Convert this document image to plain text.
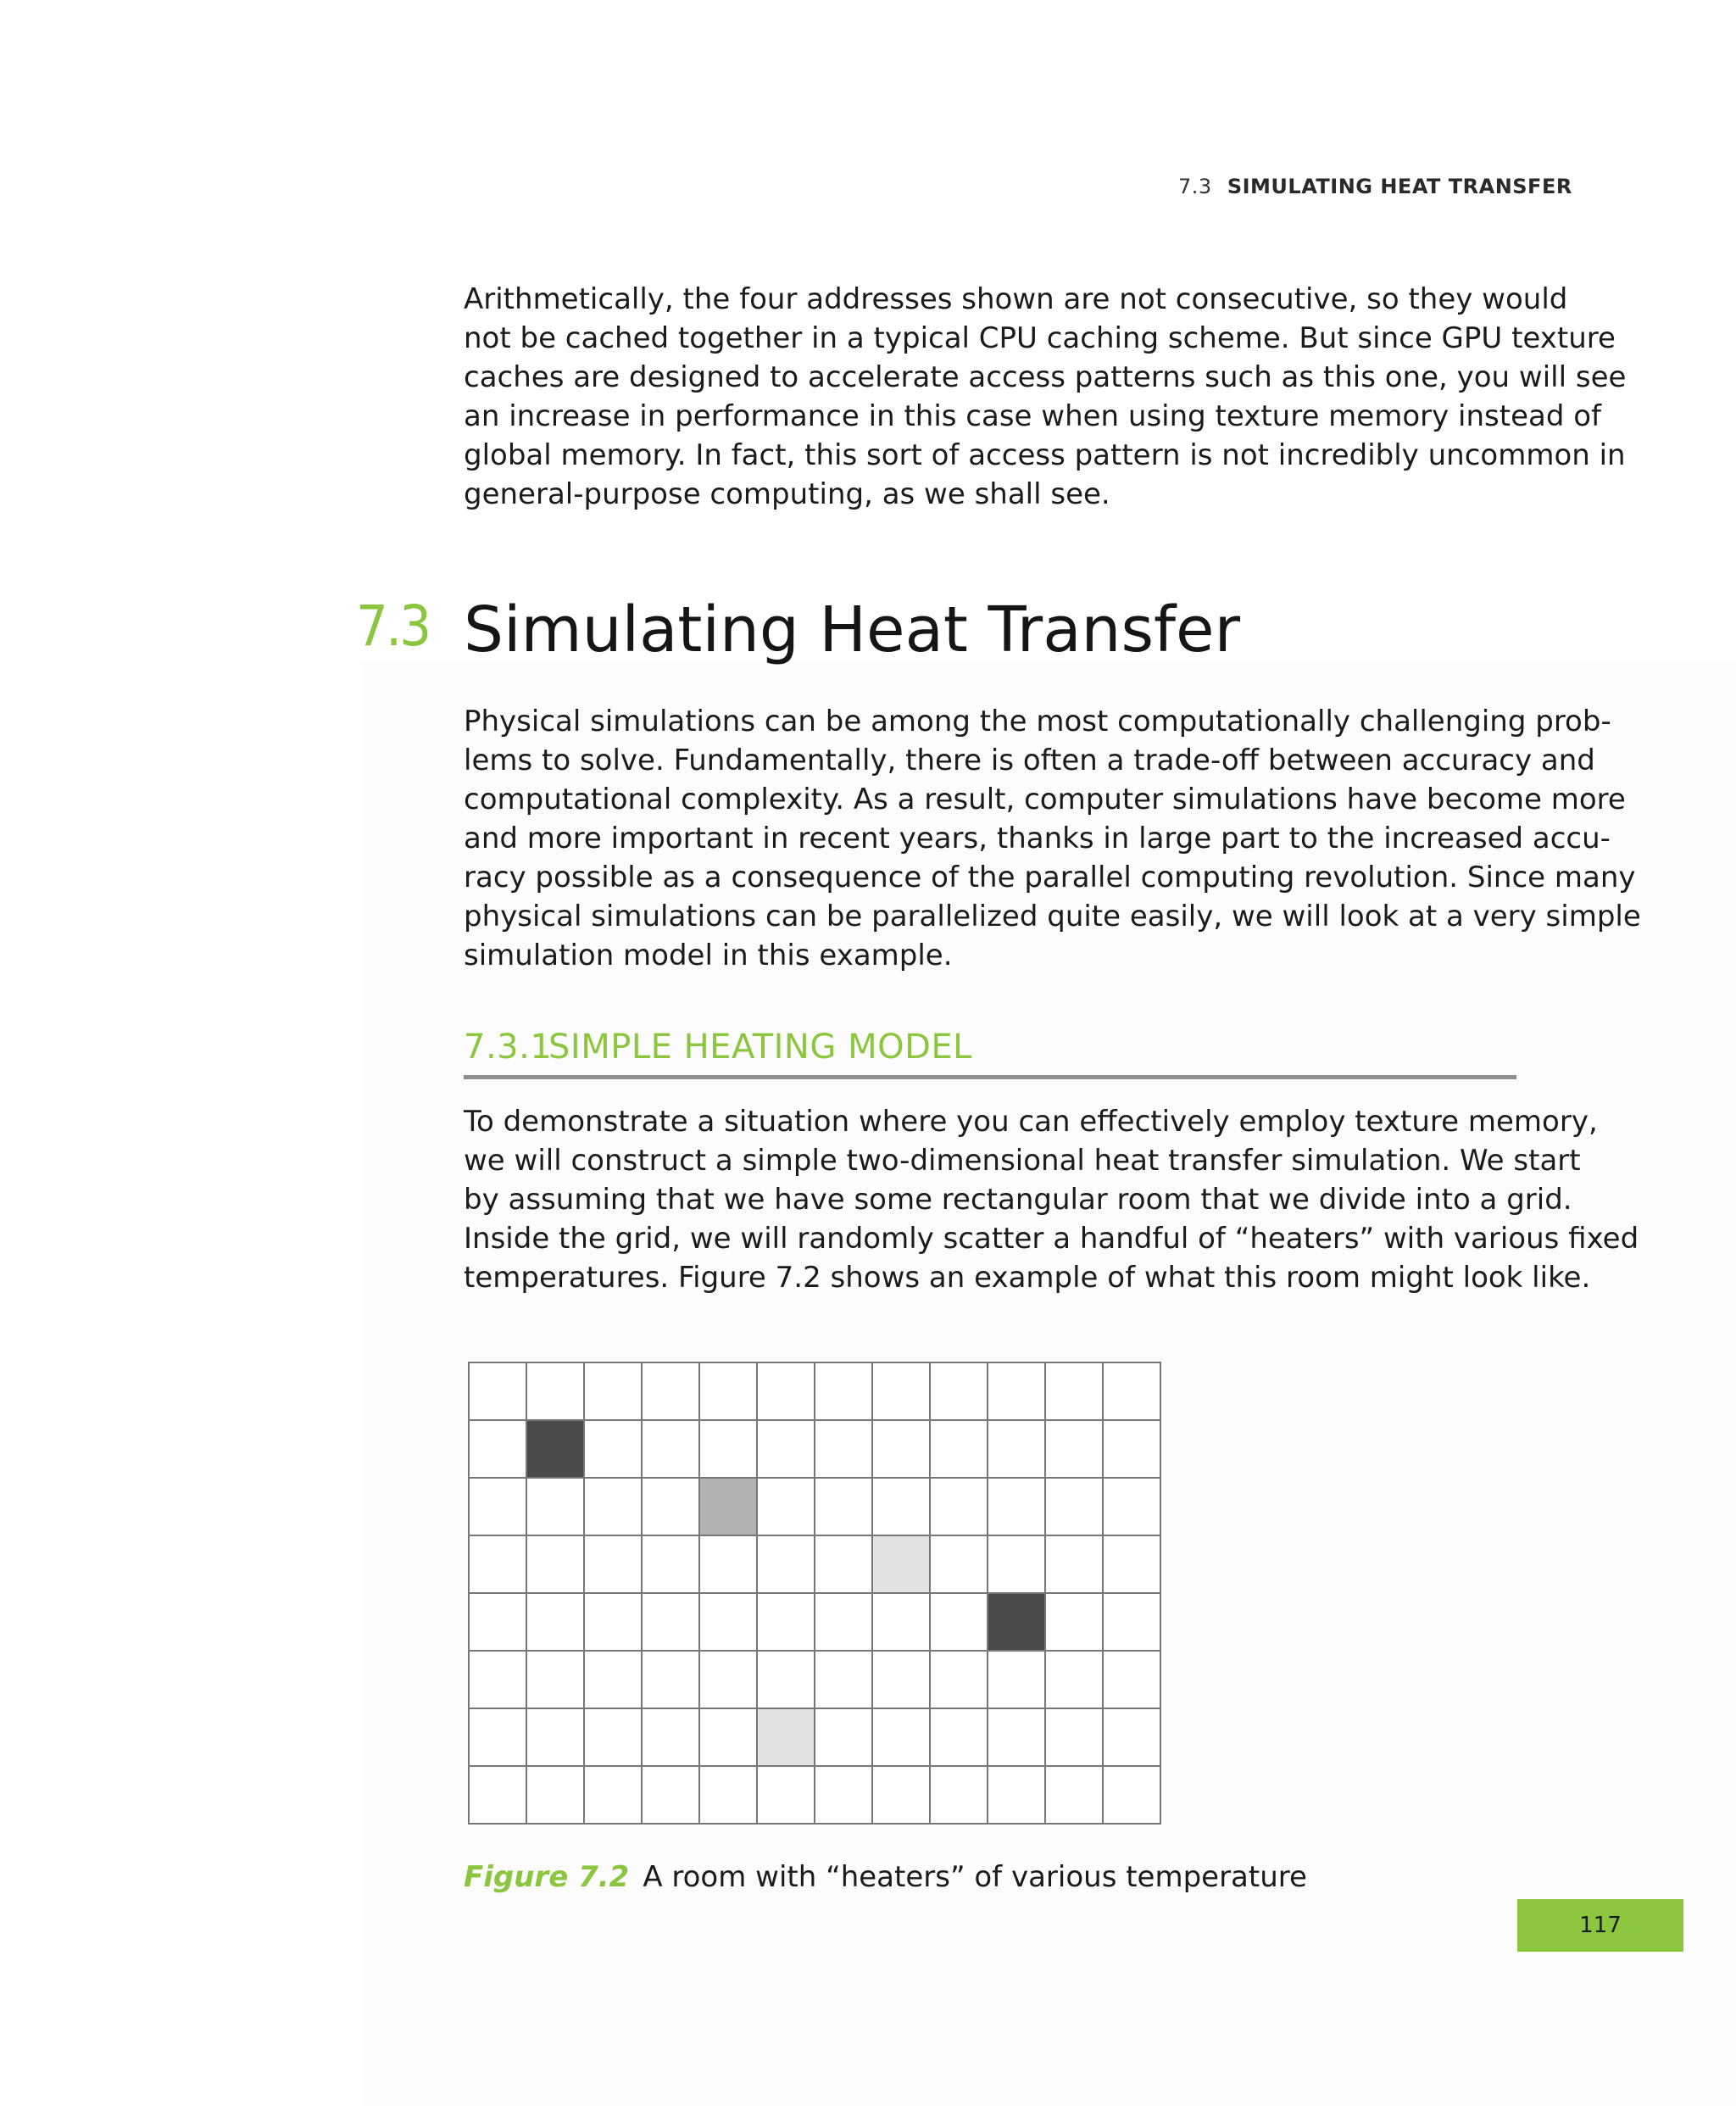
7.3 SIMULATING HEAT TRANSFER

Arithmetically, the four addresses shown are not consecutive, so they would
not be cached together in a typical CPU caching scheme. But since GPU texture
caches are designed to accelerate access patterns such as this one, you will see
an increase in performance in this case when using texture memory instead of
global memory. In fact, this sort of access pattern is not incredibly uncommon in
general-purpose computing, as we shall see.

7.3 Simulating Heat Transfer

Physical simulations can be among the most computationally challenging prob-
lems to solve. Fundamentally, there is often a trade-off between accuracy and
computational complexity. As a result, computer simulations have become more
and more important in recent years, thanks in large part to the increased accu-
racy possible as a consequence of the parallel computing revolution. Since many
physical simulations can be parallelized quite easily, we will look at a very simple
simulation model in this example.

7.3.1
SIMPLE HEATING MODEL

To demonstrate a situation where you can effectively employ texture memory,
we will construct a simple two-dimensional heat transfer simulation. We start
by assuming that we have some rectangular room that we divide into a grid.
Inside the grid, we will randomly scatter a handful of “heaters” with various fixed
temperatures. Figure 7.2 shows an example of what this room might look like.

Figure 7.2 A room with “heaters” of various temperature
117
